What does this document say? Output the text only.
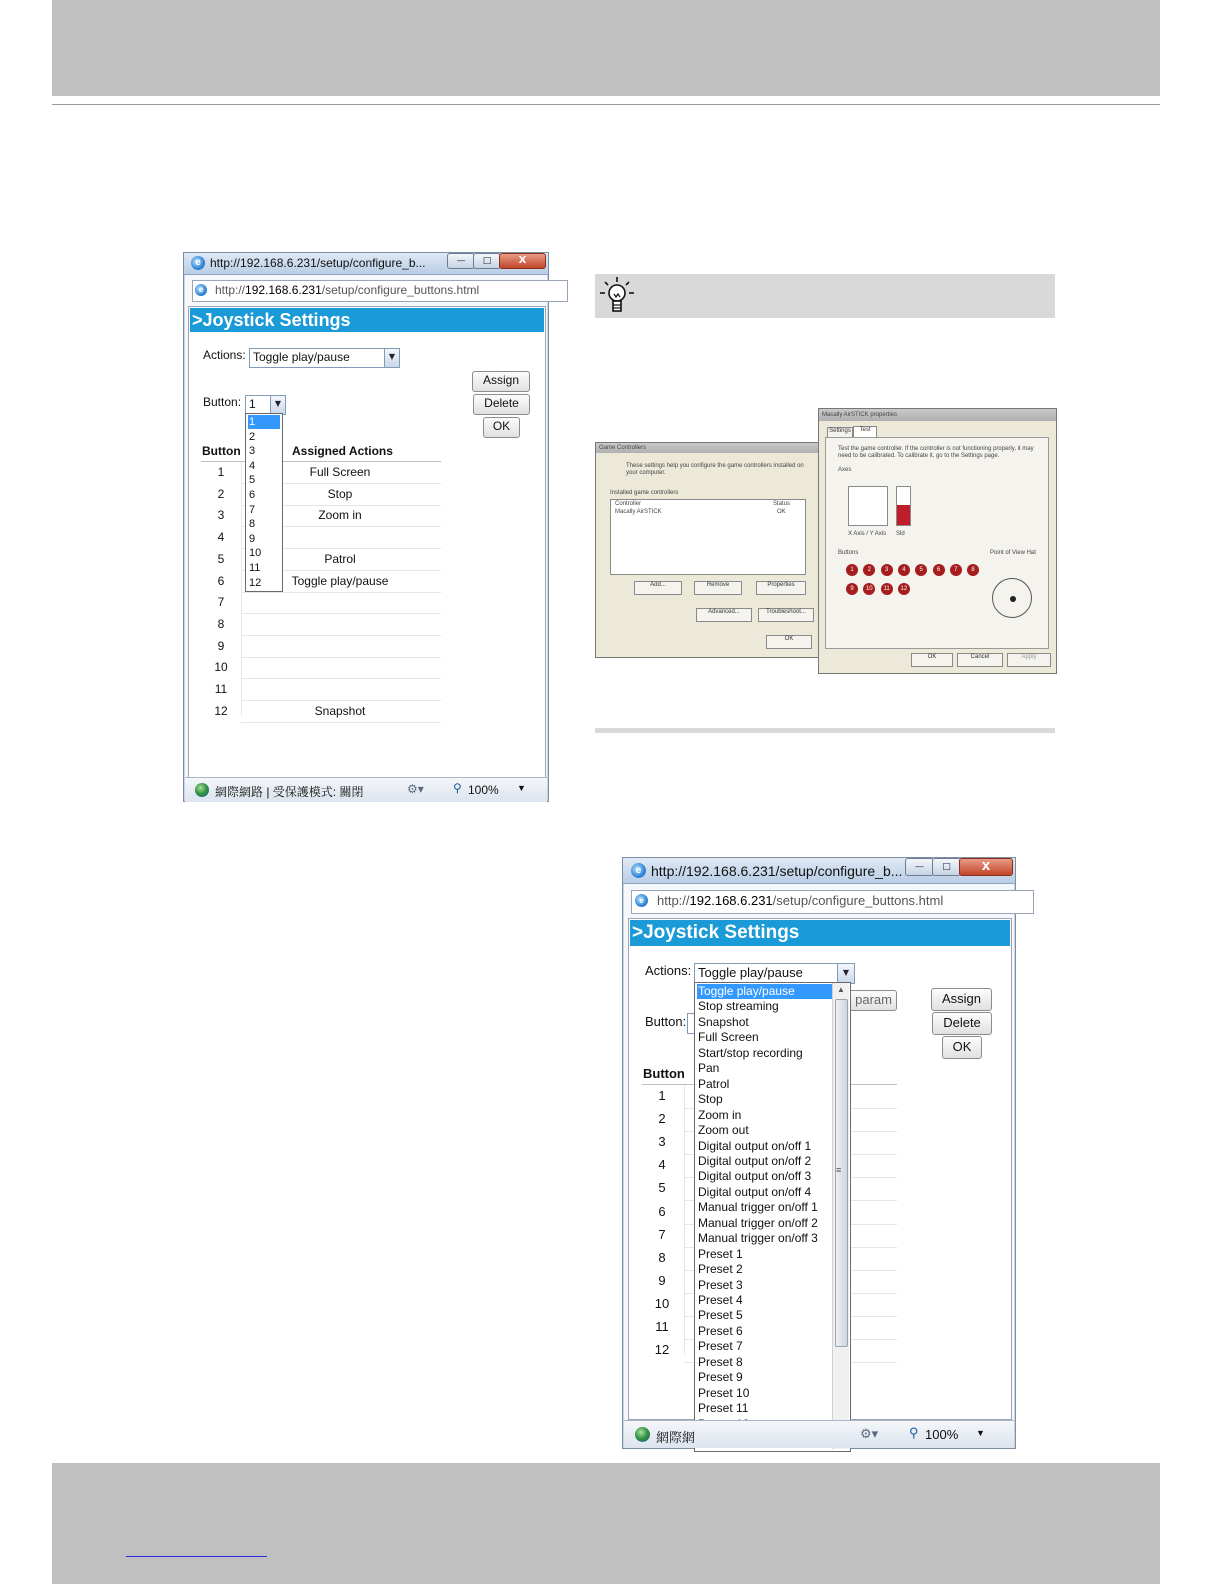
e http://192.168.6.231/setup/configure_b...	—	□	X
http://192.168.6.231/setup/configure_buttons.html
e
>Joystick Settings
Actions: Toggle play/pause	▼
Assign
Delete
OK
Button: 1	▼
Button	Assigned Actions
1	Full Screen
2	Stop
3	Zoom in
4
5	Patrol
6	Toggle play/pause
7
8
9
10
11
12	Snapshot
1
2
3
4
5
6
7
8
9
10
11
12
網際網路 | 受保護模式: 關閉	⚙▾ ⚲ 100% ▼
Game Controllers
These settings help you configure the game controllers installed on your computer.
Installed game controllers
Controller	Status
Macally AirSTICK	OK
Add...	Remove	Properties
Advanced...	Troubleshoot...
OK
Macally AirSTICK properties
Settings	Test
Test the game controller. If the controller is not functioning properly, it may need to be calibrated. To calibrate it, go to the Settings page.
Axes
X Axis / Y Axis Sld
Buttons	Point of View Hat
1	2	3	4	5	6	7	8
9	10	11	12
OK	Cancel	Apply
e http://192.168.6.231/setup/configure_b...	—	□	X
http://192.168.6.231/setup/configure_buttons.html
e
>Joystick Settings
Actions: Toggle play/pause	▼
param	Assign
Delete
OK
Button:
Button
1
2
3
4
5
6
7
8
9
10
11
12
Toggle play/pause
Stop streaming
Snapshot
Full Screen
Start/stop recording
Pan
Patrol
Stop
Zoom in
Zoom out
Digital output on/off 1
Digital output on/off 2
Digital output on/off 3
Digital output on/off 4
Manual trigger on/off 1
Manual trigger on/off 2
Manual trigger on/off 3
Preset 1
Preset 2
Preset 3
Preset 4
Preset 5
Preset 6
Preset 7
Preset 8
Preset 9
Preset 10
Preset 11
▲
≡
網際網	⚙▾ ⚲ 100% ▼
